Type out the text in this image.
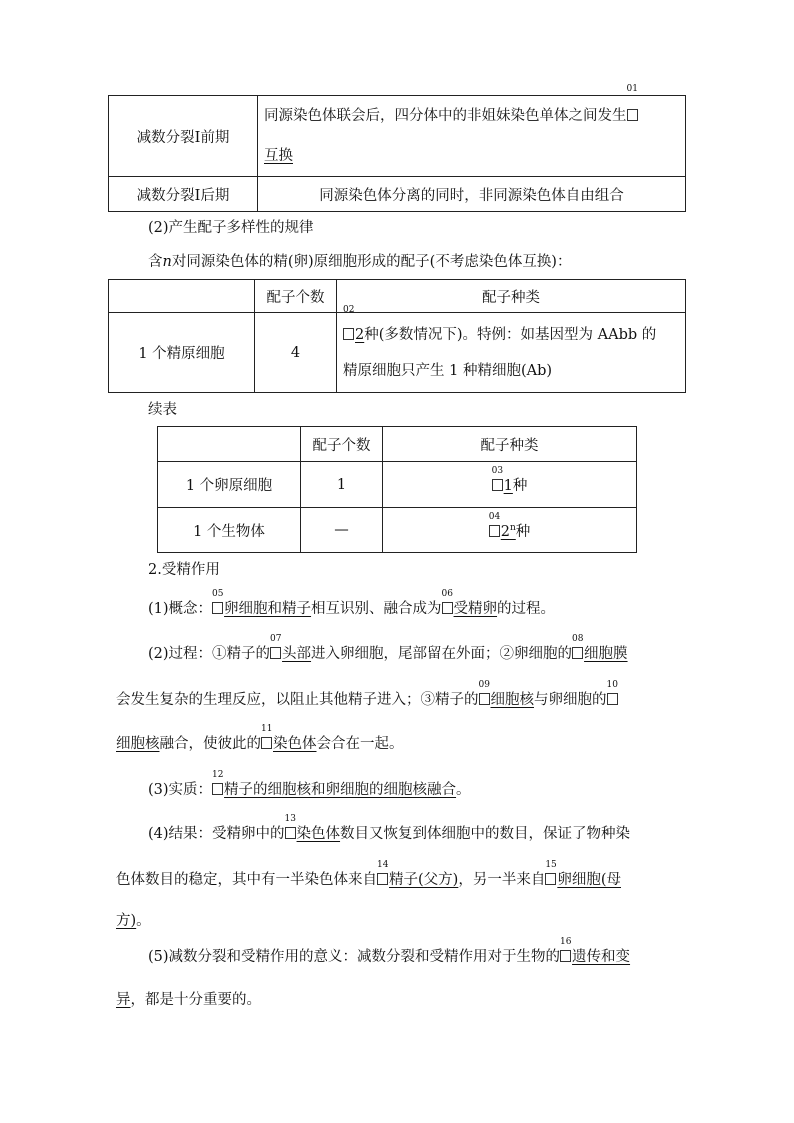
减数分裂Ⅰ前期	同源染色体联会后，四分体中的非姐妹染色单体之间发生
01

互换
减数分裂Ⅰ后期	同源染色体分离的同时，非同源染色体自由组合
(2)产生配子多样性的规律
含n对同源染色体的精(卵)原细胞形成的配子(不考虑染色体互换)：
	配子个数	配子种类
1 个精原细胞	4	02
2种(多数情况下)。特例：如基因型为 AAbb 的
精原细胞只产生 1 种精细胞(Ab)
续表
	配子个数	配子种类
1 个卵原细胞	1	03
1种
1 个生物体	—	04
2$^n$种
2.受精作用
(1)概念：
05
卵细胞和精子相互识别、融合成为
06
受精卵的过程。
(2)过程：①精子的
07
头部进入卵细胞，尾部留在外面；②卵细胞的
08
细胞膜
会发生复杂的生理反应，以阻止其他精子进入；③精子的
09
细胞核与卵细胞的
10
细胞核融合，使彼此的
11
染色体会合在一起。
(3)实质：
12
精子的细胞核和卵细胞的细胞核融合。
(4)结果：受精卵中的
13
染色体数目又恢复到体细胞中的数目，保证了物种染
色体数目的稳定，其中有一半染色体来自
14
精子(父方)，另一半来自
15
卵细胞(母
方)。
(5)减数分裂和受精作用的意义：减数分裂和受精作用对于生物的
16
遗传和变
异，都是十分重要的。
